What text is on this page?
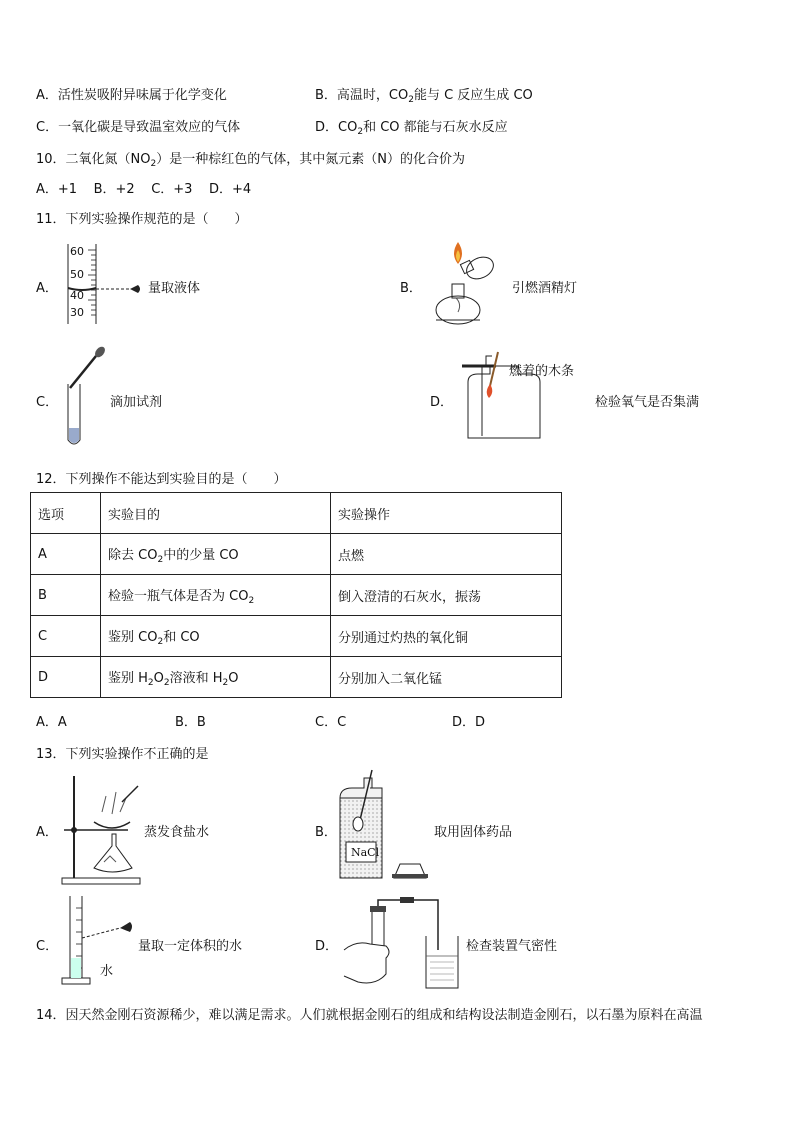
A．活性炭吸附异味属于化学变化	B．高温时，$CO_2$能与 C 反应生成 CO
C．一氧化碳是导致温室效应的气体	D．$CO_2$和 CO 都能与石灰水反应
10．二氧化氮$(NO_2)$是一种棕红色的气体，其中氮元素（N）的化合价为
A．+1    B．+2    C．+3    D．+4
11．下列实验操作规范的是（　　）
A．
60
50
40
30
量取液体	B．	引燃酒精灯
C．	滴加试剂	D．
燃着的木条
检验氧气是否集满
12．下列操作不能达到实验目的是（　　）
选项	实验目的	实验操作
A	除去 $CO_2$中的少量 CO	点燃
B	检验一瓶气体是否为 $CO_2$	倒入澄清的石灰水，振荡
C	鉴别 $CO_2$和 CO	分别通过灼热的氧化铜
D	鉴别 $H_2O_2$溶液和 $H_2O$	分别加入二氧化锰
A．A	B．B	C．C	D．D
13．下列实验操作不正确的是
A．	蒸发食盐水	B．
NaCl
取用固体药品
C．
水
量取一定体积的水	D．	检查装置气密性
14．因天然金刚石资源稀少，难以满足需求。人们就根据金刚石的组成和结构设法制造金刚石，以石墨为原料在高温
